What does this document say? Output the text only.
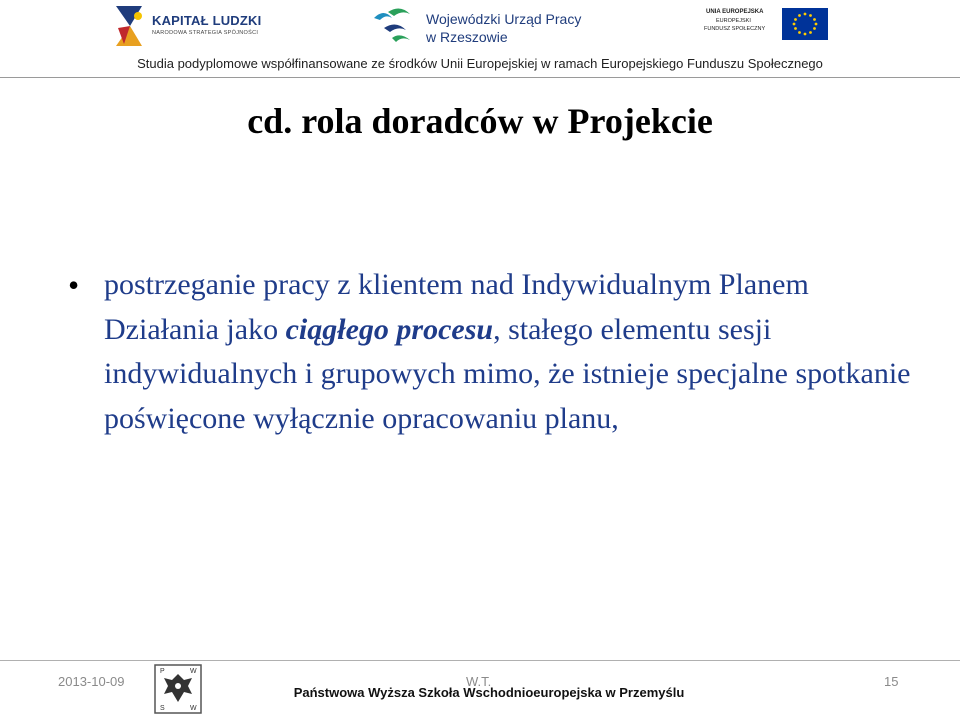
KAPITAŁ LUDZKI
NARODOWA STRATEGIA SPÓJNOŚCI
Wojewódzki Urząd Pracy
w Rzeszowie
UNIA EUROPEJSKA
EUROPEJSKI
FUNDUSZ SPOŁECZNY
Studia podyplomowe współfinansowane ze środków Unii Europejskiej w ramach Europejskiego Funduszu Społecznego
cd. rola doradców w Projekcie
• postrzeganie pracy z klientem nad Indywidualnym Planem Działania jako ciągłego procesu, stałego elementu sesji indywidualnych i grupowych mimo, że istnieje specjalne spotkanie poświęcone wyłącznie opracowaniu planu,
2013-10-09
P	W
S	W
W.T.	15
Państwowa Wyższa Szkoła Wschodnioeuropejska w Przemyślu
